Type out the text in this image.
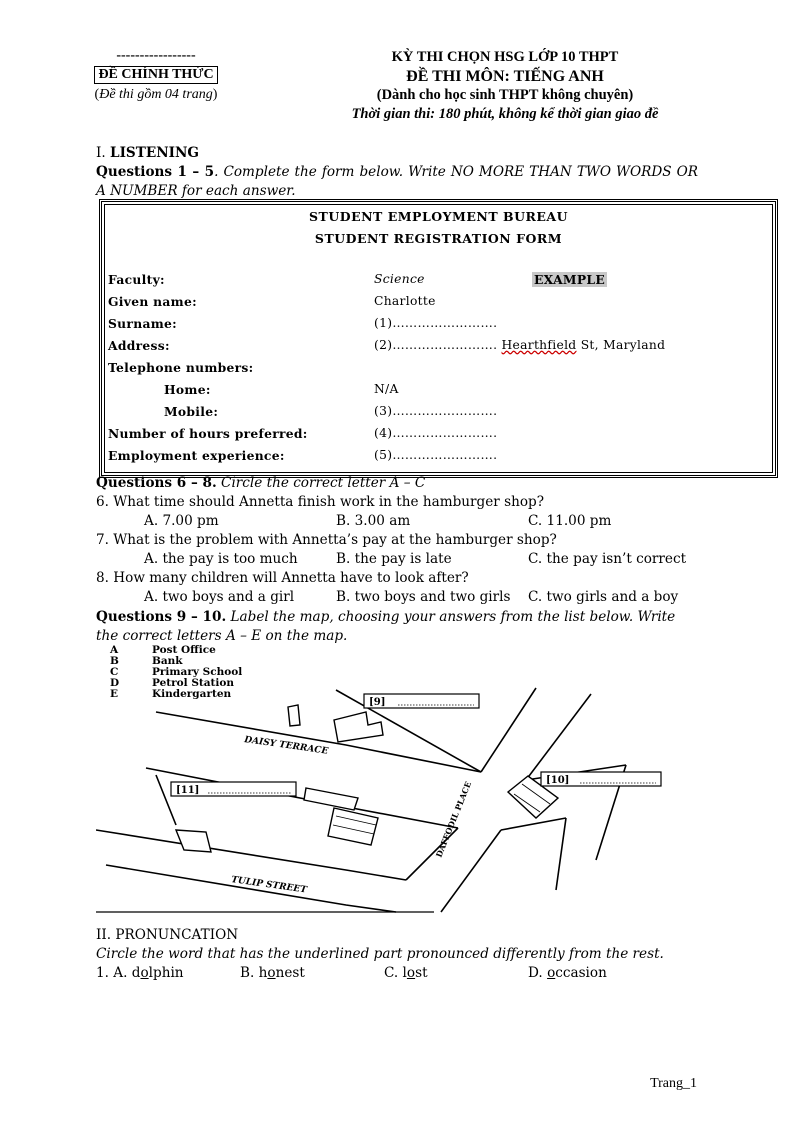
-----------------
ĐỀ CHÍNH THỨC
(Đề thi gồm 04 trang)
KỲ THI CHỌN HSG LỚP 10 THPT
ĐỀ THI MÔN: TIẾNG ANH
(Dành cho học sinh THPT không chuyên)
Thời gian thi: 180 phút, không kể thời gian giao đề
I. LISTENING
Questions 1 – 5. Complete the form below. Write NO MORE THAN TWO WORDS OR A NUMBER for each answer.
STUDENT EMPLOYMENT BUREAU
STUDENT REGISTRATION FORM
Faculty:	Science	EXAMPLE
Given name:	Charlotte
Surname:	(1)…………………….
Address:	(2)……………………. Hearthfield St, Maryland
Telephone numbers:
Home:	N/A
Mobile:	(3)…………………….
Number of hours preferred:	(4)…………………….
Employment experience:	(5)…………………….
Questions 6 – 8. Circle the correct letter A – C
6. What time should Annetta finish work in the hamburger shop?
A. 7.00 pm	B. 3.00 am	C. 11.00 pm
7. What is the problem with Annetta’s pay at the hamburger shop?
A. the pay is too much	B. the pay is late	C. the pay isn’t correct
8. How many children will Annetta have to look after?
A. two boys and a girl	B. two boys and two girls C. two girls and a boy
Questions 9 – 10. Label the map, choosing your answers from the list below. Write the correct letters A – E on the map.
A	Post Office
B	Bank
C	Primary School
D	Petrol Station
E	Kindergarten
[9]
[10]
[11]
DAISY TERRACE
TULIP STREET
DAFFODIL PLACE
II. PRONUNCATION
Circle the word that has the underlined part pronounced differently from the rest.
1. A. dolphin	B. honest	C. lost	D. occasion
Trang_1
